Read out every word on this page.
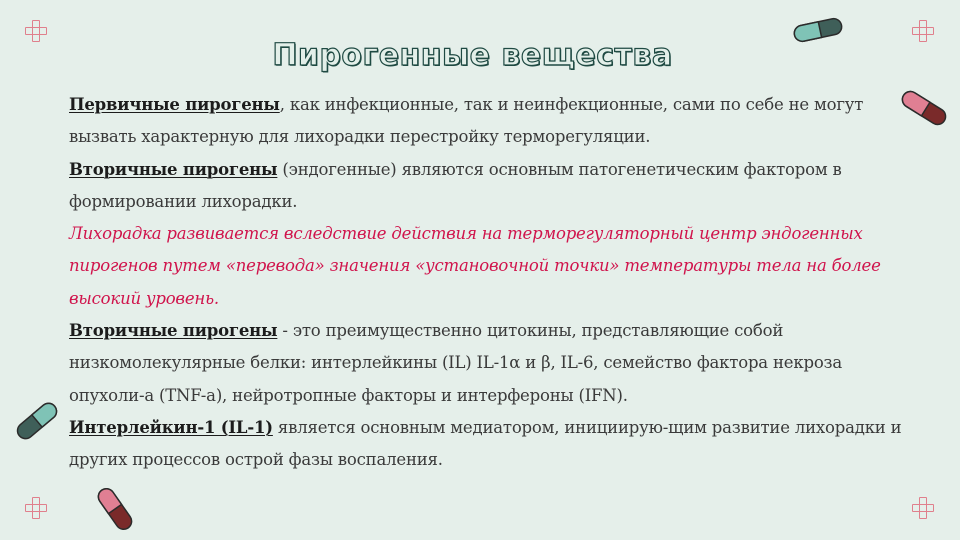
Пирогенные вещества

Первичные пирогены, как инфекционные, так и неинфекционные, сами по себе не могут вызвать характерную для лихорадки перестройку терморегуляции.

Вторичные пирогены (эндогенные) являются основным патогенетическим фактором в формировании лихорадки.

Лихорадка развивается вследствие действия на терморегуляторный центр эндогенных пирогенов путем «перевода» значения «установочной точки» температуры тела на более высокий уровень.

Вторичные пирогены - это преимущественно цитокины, представляющие собой низкомолекулярные белки: интерлейкины (IL) IL-1α и β, IL-6, семейство фактора некроза опухоли-а (TNF-а), нейротропные факторы и интерфероны (IFN).

Интерлейкин-1 (IL-1) является основным медиатором, инициирую-щим развитие лихорадки и других процессов острой фазы воспаления.
